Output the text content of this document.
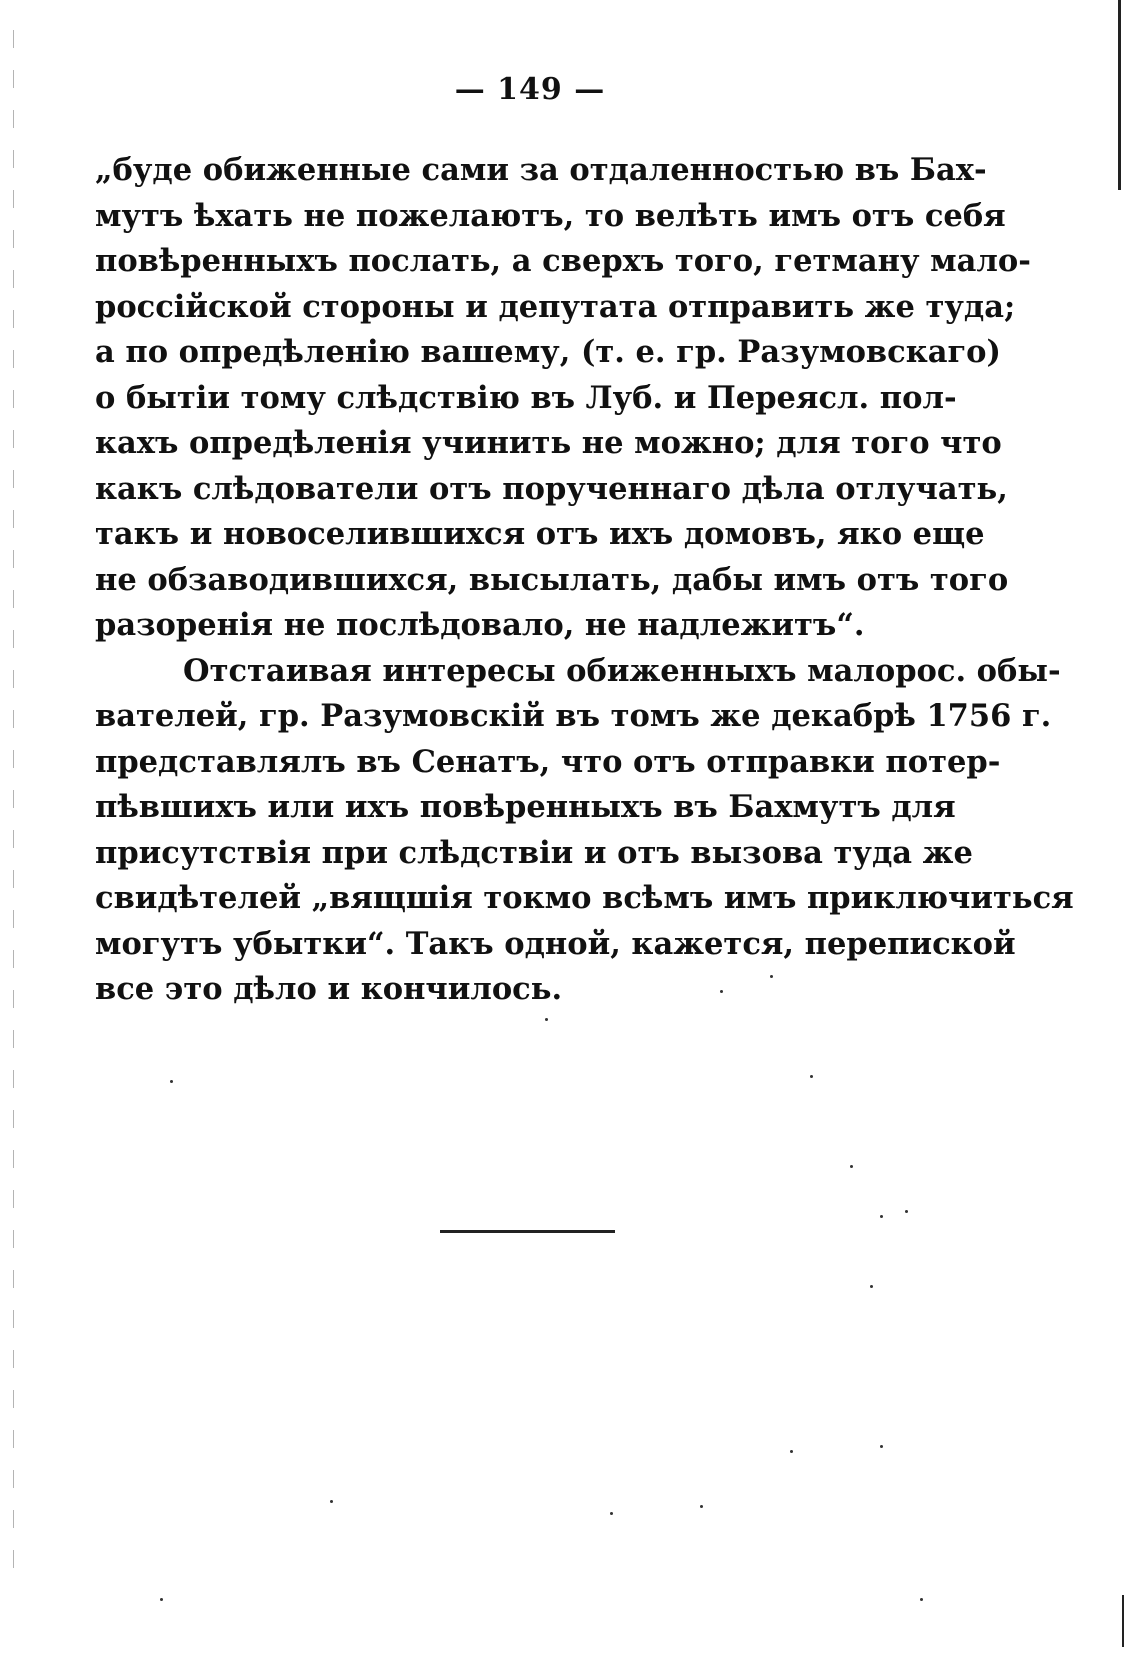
— 149 —
„буде обиженные сами за отдаленностью въ Бах-
мутъ ѣхать не пожелаютъ, то велѣть имъ отъ себя
повѣренныхъ послать, а сверхъ того, гетману мало-
россійской стороны и депутата отправить же туда;
а по опредѣленію вашему, (т. е. гр. Разумовскаго)
о бытіи тому слѣдствію въ Луб. и Переясл. пол-
кахъ опредѣленія учинить не можно; для того что
какъ слѣдователи отъ порученнаго дѣла отлучать,
такъ и новоселившихся отъ ихъ домовъ, яко еще
не обзаводившихся, высылать, дабы имъ отъ того
разоренія не послѣдовало, не надлежитъ“.
Отстаивая интересы обиженныхъ малорос. обы-
вателей, гр. Разумовскій въ томъ же декабрѣ 1756 г.
представлялъ въ Сенатъ, что отъ отправки потер-
пѣвшихъ или ихъ повѣренныхъ въ Бахмутъ для
присутствія при слѣдствіи и отъ вызова туда же
свидѣтелей „вящшія токмо всѣмъ имъ приключиться
могутъ убытки“. Такъ одной, кажется, перепиской
все это дѣло и кончилось.
